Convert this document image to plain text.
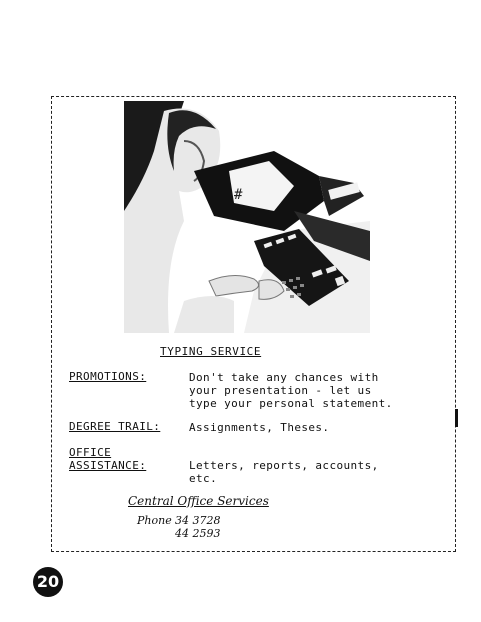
#
TYPING SERVICE
PROMOTIONS:	Don't take any chances with
your presentation - let us
type your personal statement.
DEGREE TRAIL:	Assignments, Theses.
OFFICE
ASSISTANCE:	Letters, reports, accounts,
etc.
Central Office Services
Phone 34 3728
44 2593
20
